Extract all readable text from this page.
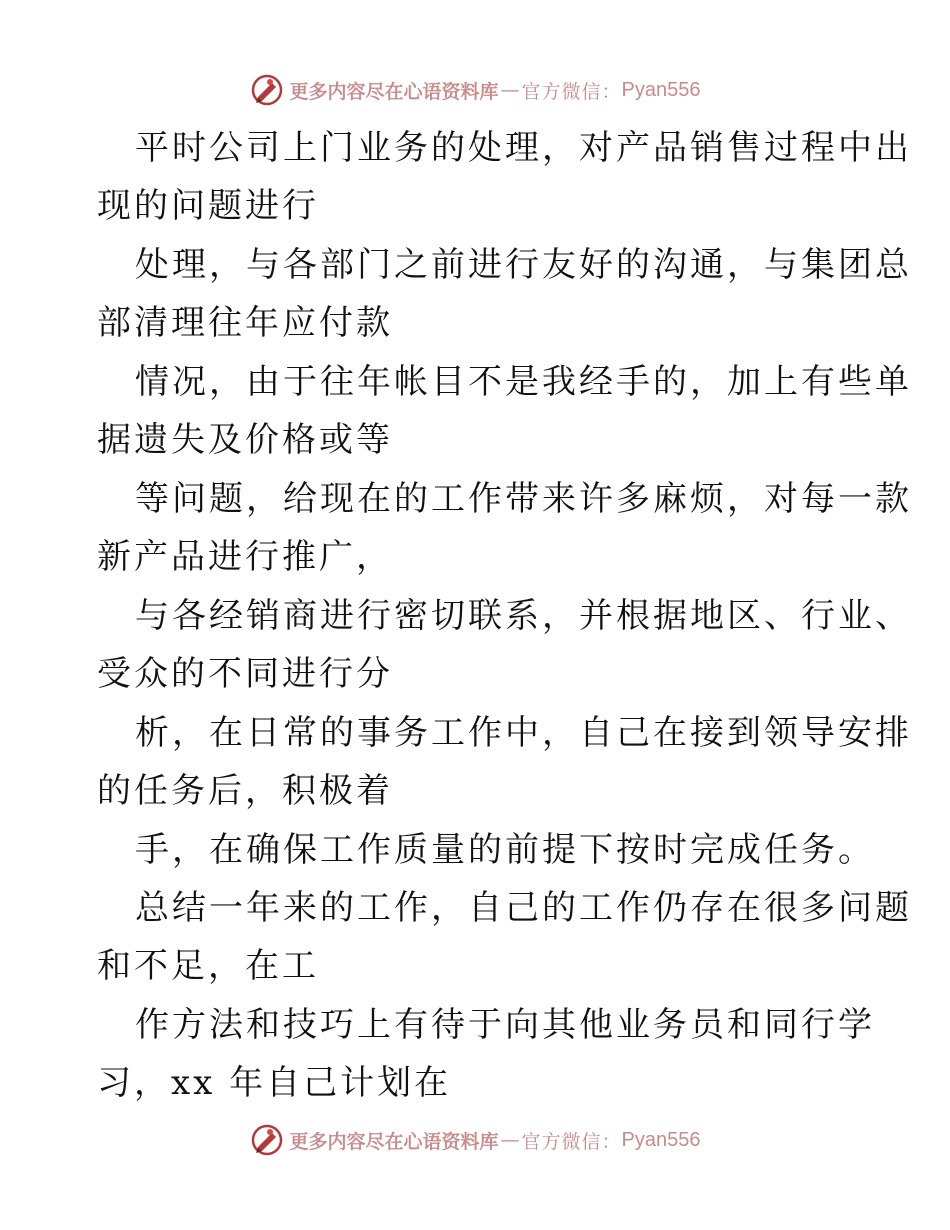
更多内容尽在心语资料库 — 官方微信： Pyan556
平时公司上门业务的处理，对产品销售过程中出
现的问题进行
处理，与各部门之前进行友好的沟通，与集团总
部清理往年应付款
情况，由于往年帐目不是我经手的，加上有些单
据遗失及价格或等
等问题，给现在的工作带来许多麻烦，对每一款
新产品进行推广，
与各经销商进行密切联系，并根据地区、行业、
受众的不同进行分
析，在日常的事务工作中，自己在接到领导安排
的任务后，积极着
手，在确保工作质量的前提下按时完成任务。
总结一年来的工作，自己的工作仍存在很多问题
和不足，在工
作方法和技巧上有待于向其他业务员和同行学
习，xx 年自己计划在
更多内容尽在心语资料库 — 官方微信： Pyan556
